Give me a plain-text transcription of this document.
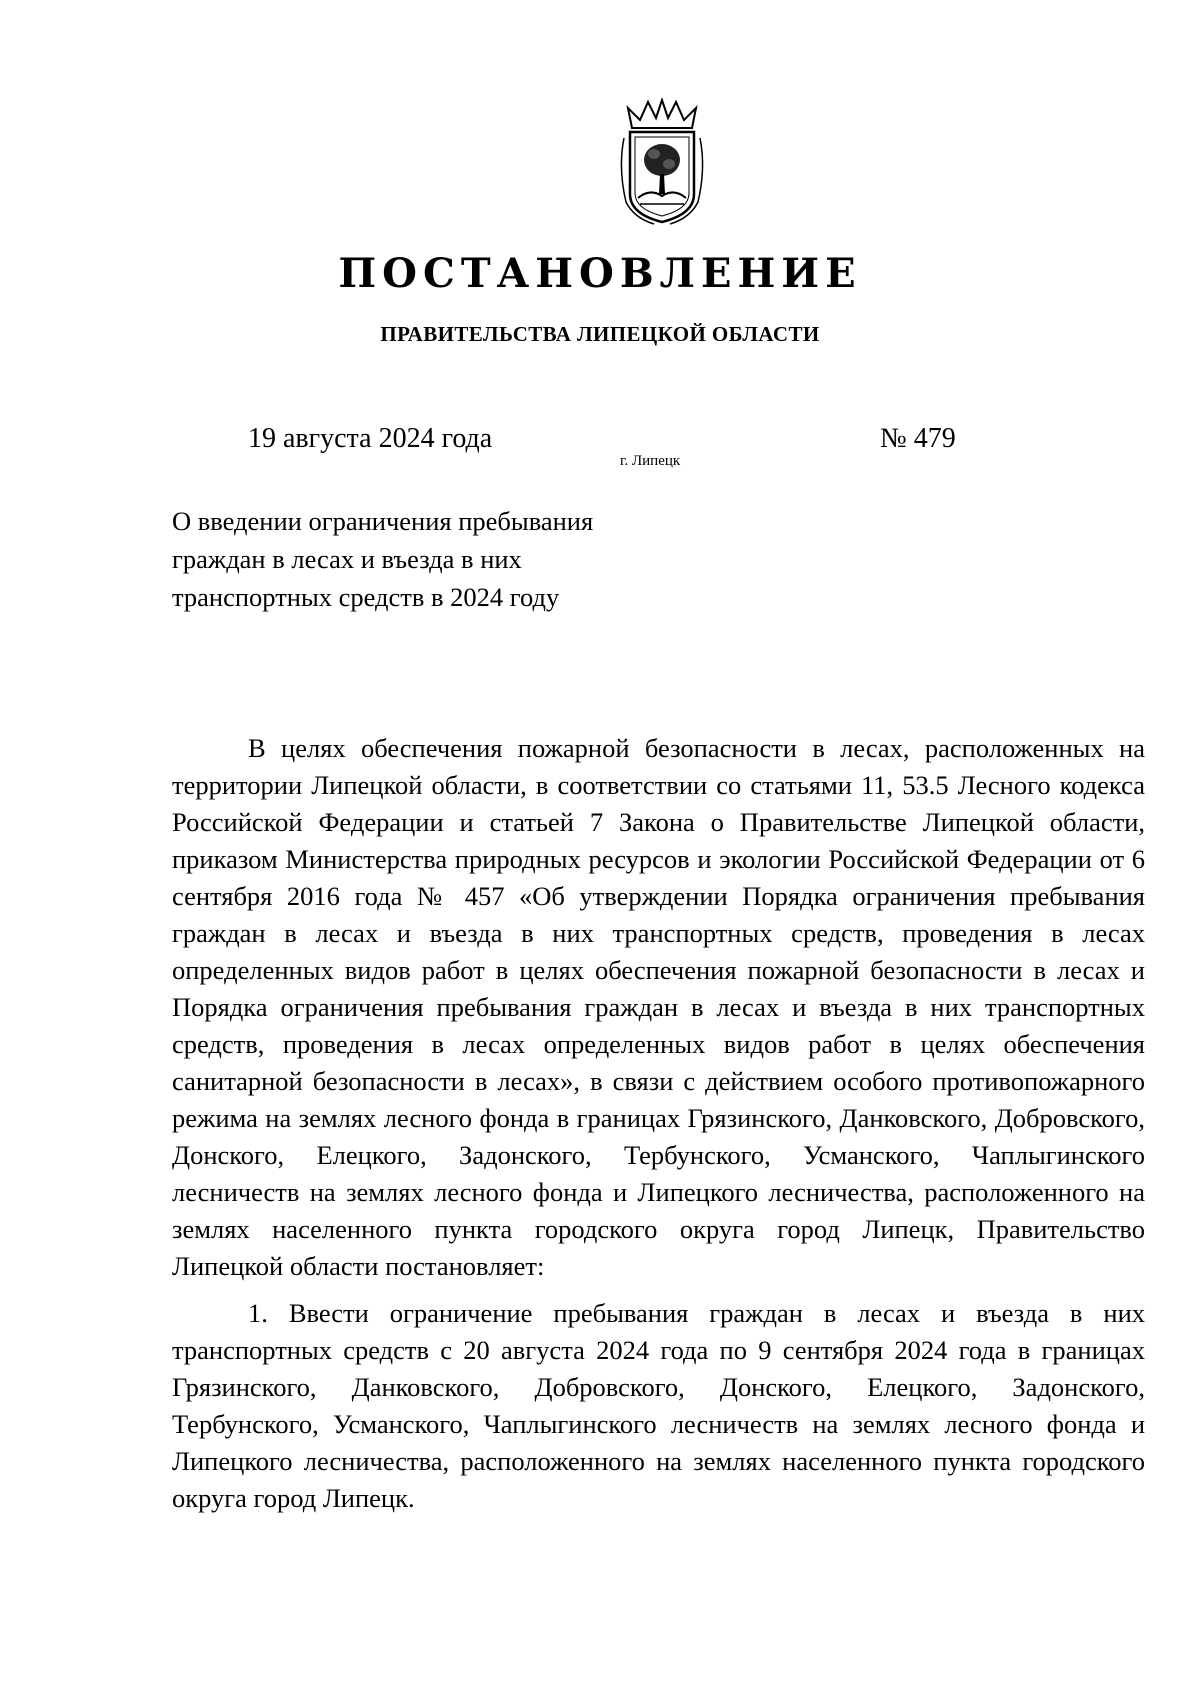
ПОСТАНОВЛЕНИЕ
ПРАВИТЕЛЬСТВА ЛИПЕЦКОЙ ОБЛАСТИ
19 августа 2024 года
г. Липецк
№ 479
О введении ограничения пребывания
граждан в лесах и въезда в них
транспортных средств в 2024 году

В целях обеспечения пожарной безопасности в лесах, расположенных на территории Липецкой области, в соответствии со статьями 11, 53.5 Лесного кодекса Российской Федерации и статьей 7 Закона о Правительстве Липецкой области, приказом Министерства природных ресурсов и экологии Российской Федерации от 6 сентября 2016 года № 457 «Об утверждении Порядка ограничения пребывания граждан в лесах и въезда в них транспортных средств, проведения в лесах определенных видов работ в целях обеспечения пожарной безопасности в лесах и Порядка ограничения пребывания граждан в лесах и въезда в них транспортных средств, проведения в лесах определенных видов работ в целях обеспечения санитарной безопасности в лесах», в связи с действием особого противопожарного режима на землях лесного фонда в границах Грязинского, Данковского, Добровского, Донского, Елецкого, Задонского, Тербунского, Усманского, Чаплыгинского лесничеств на землях лесного фонда и Липецкого лесничества, расположенного на землях населенного пункта городского округа город Липецк, Правительство Липецкой области постановляет:

1. Ввести ограничение пребывания граждан в лесах и въезда в них транспортных средств с 20 августа 2024 года по 9 сентября 2024 года в границах Грязинского, Данковского, Добровского, Донского, Елецкого, Задонского, Тербунского, Усманского, Чаплыгинского лесничеств на землях лесного фонда и Липецкого лесничества, расположенного на землях населенного пункта городского округа город Липецк.
